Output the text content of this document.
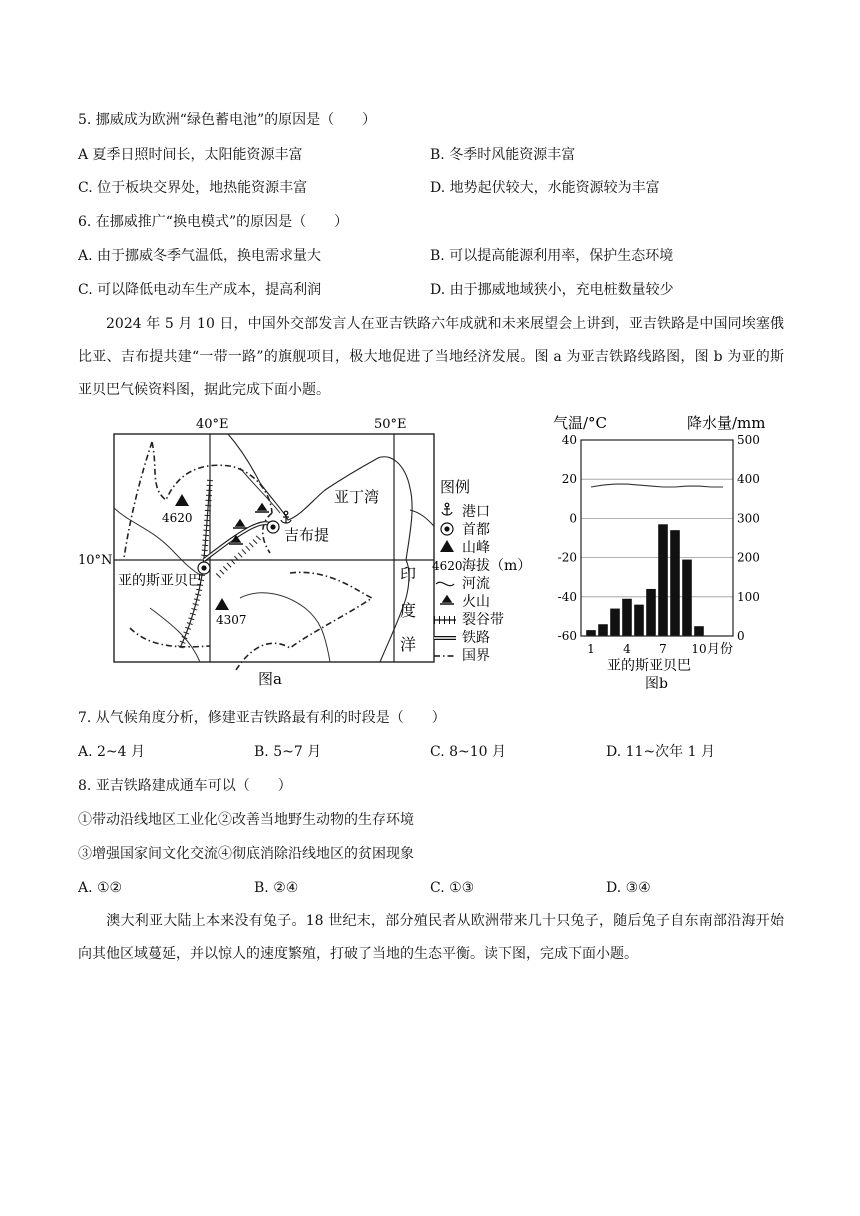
5. 挪威成为欧洲“绿色蓄电池”的原因是（　　）
A 夏季日照时间长，太阳能资源丰富	B. 冬季时风能资源丰富
C. 位于板块交界处，地热能资源丰富	D. 地势起伏较大，水能资源较为丰富
6. 在挪威推广“换电模式”的原因是（　　）
A. 由于挪威冬季气温低，换电需求量大	B. 可以提高能源利用率，保护生态环境
C. 可以降低电动车生产成本，提高利润	D. 由于挪威地域狭小，充电桩数量较少
2024 年 5 月 10 日，中国外交部发言人在亚吉铁路六年成就和未来展望会上讲到，亚吉铁路是中国同埃塞俄比亚、吉布提共建“一带一路”的旗舰项目，极大地促进了当地经济发展。图 a 为亚吉铁路线路图，图 b 为亚的斯亚贝巴气候资料图，据此完成下面小题。
4620
4307
40°E	50°E
10°N
亚丁湾
吉布提
亚的斯亚贝巴	印
度
洋
图a
图例
港口
首都
山峰
4620 海拔（m）
河流
火山
裂谷带
铁路
国界
气温/°C	降水量/mm
40	500
20	400
0	300
-20	200
-40	100
-60	0
1 4 7 10 月份
亚的斯亚贝巴
图b
7. 从气候角度分析，修建亚吉铁路最有利的时段是（　　）
A. 2~4 月	B. 5~7 月	C. 8~10 月	D. 11~次年 1 月
8. 亚吉铁路建成通车可以（　　）
①带动沿线地区工业化②改善当地野生动物的生存环境
③增强国家间文化交流④彻底消除沿线地区的贫困现象
A. ①②	B. ②④	C. ①③	D. ③④
澳大利亚大陆上本来没有兔子。18 世纪末，部分殖民者从欧洲带来几十只兔子，随后兔子自东南部沿海开始向其他区域蔓延，并以惊人的速度繁殖，打破了当地的生态平衡。读下图，完成下面小题。
